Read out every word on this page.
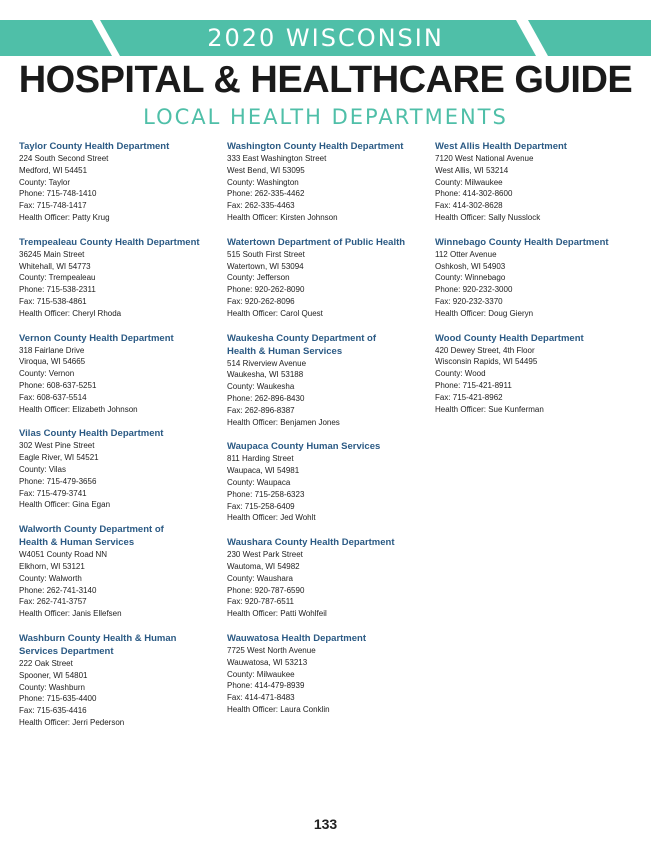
2020 WISCONSIN
HOSPITAL & HEALTHCARE GUIDE
LOCAL HEALTH DEPARTMENTS
Taylor County Health Department
224 South Second Street
Medford, WI 54451
County: Taylor
Phone: 715-748-1410
Fax: 715-748-1417
Health Officer: Patty Krug
Trempealeau County Health Department
36245 Main Street
Whitehall, WI 54773
County: Trempealeau
Phone: 715-538-2311
Fax: 715-538-4861
Health Officer: Cheryl Rhoda
Vernon County Health Department
318 Fairlane Drive
Viroqua, WI 54665
County: Vernon
Phone: 608-637-5251
Fax: 608-637-5514
Health Officer: Elizabeth Johnson
Vilas County Health Department
302 West Pine Street
Eagle River, WI 54521
County: Vilas
Phone: 715-479-3656
Fax: 715-479-3741
Health Officer: Gina Egan
Walworth County Department of
Health & Human Services
W4051 County Road NN
Elkhorn, WI 53121
County: Walworth
Phone: 262-741-3140
Fax: 262-741-3757
Health Officer: Janis Ellefsen
Washburn County Health & Human
Services Department
222 Oak Street
Spooner, WI 54801
County: Washburn
Phone: 715-635-4400
Fax: 715-635-4416
Health Officer: Jerri Pederson
Washington County Health Department
333 East Washington Street
West Bend, WI 53095
County: Washington
Phone: 262-335-4462
Fax: 262-335-4463
Health Officer: Kirsten Johnson
Watertown Department of Public Health
515 South First Street
Watertown, WI 53094
County: Jefferson
Phone: 920-262-8090
Fax: 920-262-8096
Health Officer: Carol Quest
Waukesha County Department of
Health & Human Services
514 Riverview Avenue
Waukesha, WI 53188
County: Waukesha
Phone: 262-896-8430
Fax: 262-896-8387
Health Officer: Benjamen Jones
Waupaca County Human Services
811 Harding Street
Waupaca, WI 54981
County: Waupaca
Phone: 715-258-6323
Fax: 715-258-6409
Health Officer: Jed Wohlt
Waushara County Health Department
230 West Park Street
Wautoma, WI 54982
County: Waushara
Phone: 920-787-6590
Fax: 920-787-6511
Health Officer: Patti Wohlfeil
Wauwatosa Health Department
7725 West North Avenue
Wauwatosa, WI 53213
County: Milwaukee
Phone: 414-479-8939
Fax: 414-471-8483
Health Officer: Laura Conklin
West Allis Health Department
7120 West National Avenue
West Allis, WI 53214
County: Milwaukee
Phone: 414-302-8600
Fax: 414-302-8628
Health Officer: Sally Nusslock
Winnebago County Health Department
112 Otter Avenue
Oshkosh, WI 54903
County: Winnebago
Phone: 920-232-3000
Fax: 920-232-3370
Health Officer: Doug Gieryn
Wood County Health Department
420 Dewey Street, 4th Floor
Wisconsin Rapids, WI 54495
County: Wood
Phone: 715-421-8911
Fax: 715-421-8962
Health Officer: Sue Kunferman
133
